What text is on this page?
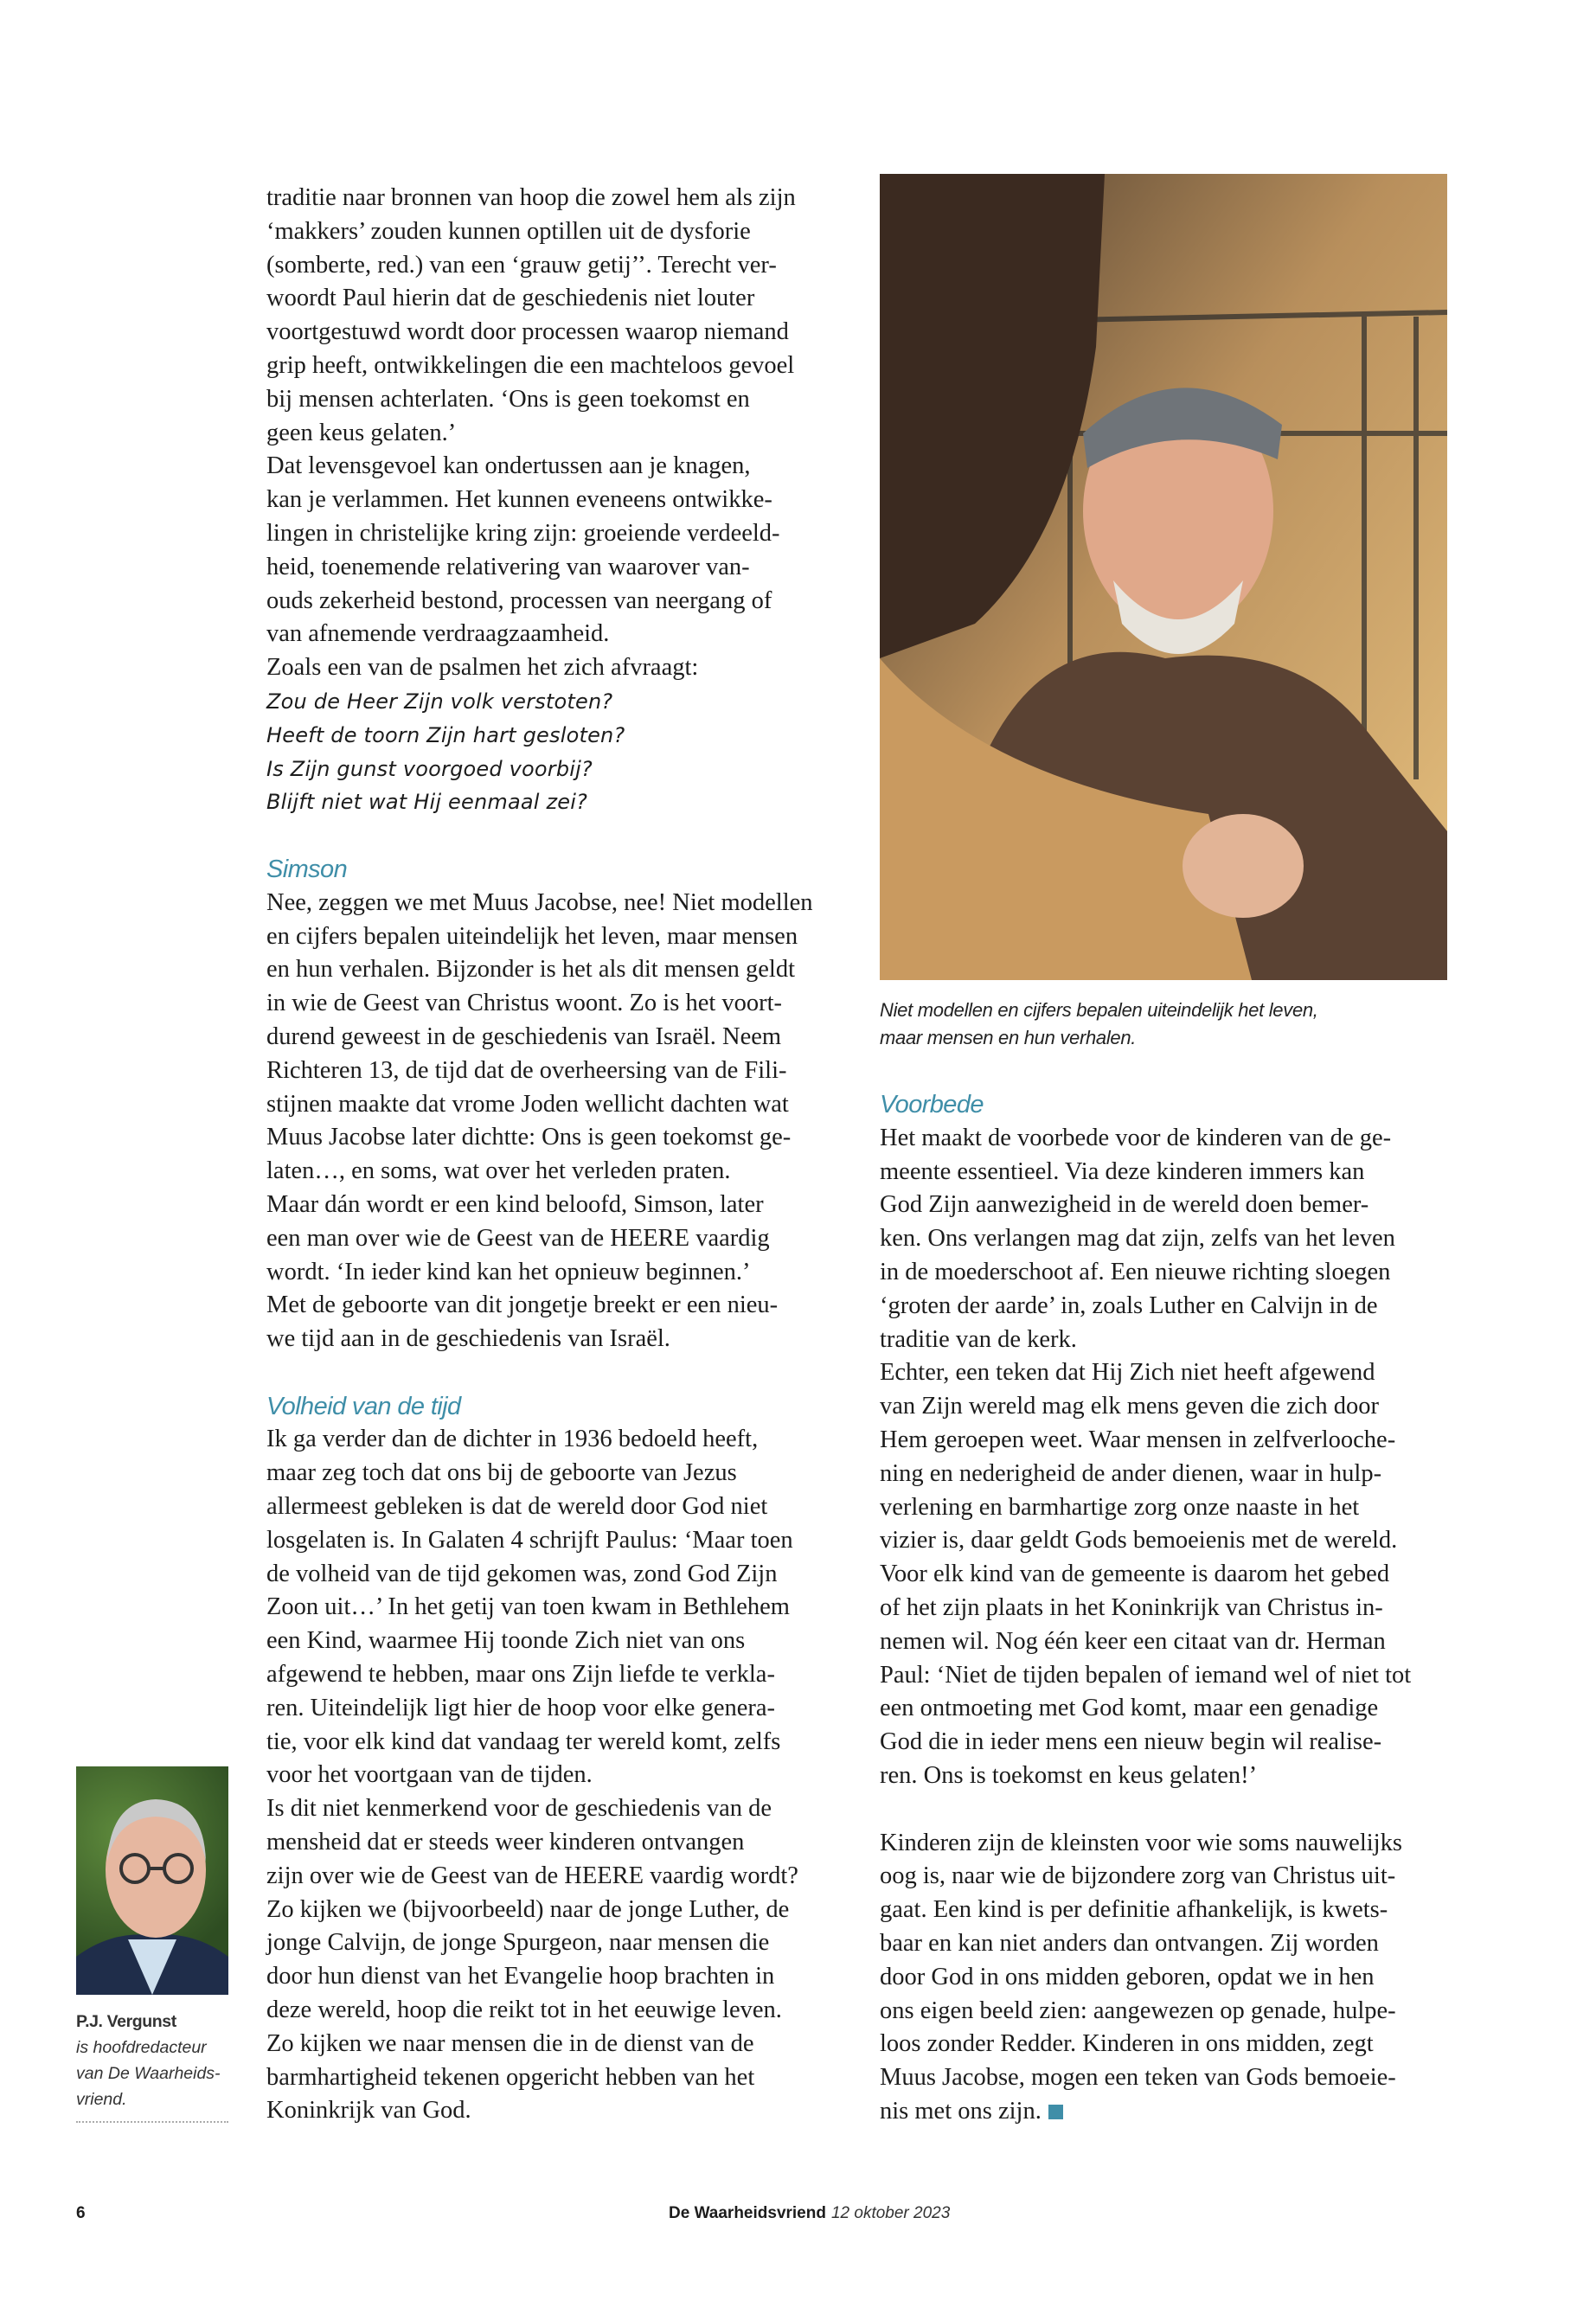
traditie naar bronnen van hoop die zowel hem als zijn
‘makkers’ zouden kunnen optillen uit de dysforie
(somberte, red.) van een ‘grauw getij’’. Terecht ver-
woordt Paul hierin dat de geschiedenis niet louter
voortgestuwd wordt door processen waarop niemand
grip heeft, ontwikkelingen die een machteloos gevoel
bij mensen achterlaten. ‘Ons is geen toekomst en
geen keus gelaten.’
Dat levensgevoel kan ondertussen aan je knagen,
kan je verlammen. Het kunnen eveneens ontwikke-
lingen in christelijke kring zijn: groeiende verdeeld-
heid, toenemende relativering van waarover van-
ouds zekerheid bestond, processen van neergang of
van afnemende verdraagzaamheid.
Zoals een van de psalmen het zich afvraagt:
Zou de Heer Zijn volk verstoten?
Heeft de toorn Zijn hart gesloten?
Is Zijn gunst voorgoed voorbij?
Blijft niet wat Hij eenmaal zei?
Simson
Nee, zeggen we met Muus Jacobse, nee! Niet modellen
en cijfers bepalen uiteindelijk het leven, maar mensen
en hun verhalen. Bijzonder is het als dit mensen geldt
in wie de Geest van Christus woont. Zo is het voort-
durend geweest in de geschiedenis van Israël. Neem
Richteren 13, de tijd dat de overheersing van de Fili-
stijnen maakte dat vrome Joden wellicht dachten wat
Muus Jacobse later dichtte: Ons is geen toekomst ge-
laten…, en soms, wat over het verleden praten.
Maar dán wordt er een kind beloofd, Simson, later
een man over wie de Geest van de HEERE vaardig
wordt. ‘In ieder kind kan het opnieuw beginnen.’
Met de geboorte van dit jongetje breekt er een nieu-
we tijd aan in de geschiedenis van Israël.
Volheid van de tijd
Ik ga verder dan de dichter in 1936 bedoeld heeft,
maar zeg toch dat ons bij de geboorte van Jezus
allermeest gebleken is dat de wereld door God niet
losgelaten is. In Galaten 4 schrijft Paulus: ‘Maar toen
de volheid van de tijd gekomen was, zond God Zijn
Zoon uit…’ In het getij van toen kwam in Bethlehem
een Kind, waarmee Hij toonde Zich niet van ons
afgewend te hebben, maar ons Zijn liefde te verkla-
ren. Uiteindelijk ligt hier de hoop voor elke genera-
tie, voor elk kind dat vandaag ter wereld komt, zelfs
voor het voortgaan van de tijden.
Is dit niet kenmerkend voor de geschiedenis van de
mensheid dat er steeds weer kinderen ontvangen
zijn over wie de Geest van de HEERE vaardig wordt?
Zo kijken we (bijvoorbeeld) naar de jonge Luther, de
jonge Calvijn, de jonge Spurgeon, naar mensen die
door hun dienst van het Evangelie hoop brachten in
deze wereld, hoop die reikt tot in het eeuwige leven.
Zo kijken we naar mensen die in de dienst van de
barmhartigheid tekenen opgericht hebben van het
Koninkrijk van God.
Niet modellen en cijfers bepalen uiteindelijk het leven,
maar mensen en hun verhalen.
Voorbede
Het maakt de voorbede voor de kinderen van de ge-
meente essentieel. Via deze kinderen immers kan
God Zijn aanwezigheid in de wereld doen bemer-
ken. Ons verlangen mag dat zijn, zelfs van het leven
in de moederschoot af. Een nieuwe richting sloegen
‘groten der aarde’ in, zoals Luther en Calvijn in de
traditie van de kerk.
Echter, een teken dat Hij Zich niet heeft afgewend
van Zijn wereld mag elk mens geven die zich door
Hem geroepen weet. Waar mensen in zelfverlooche-
ning en nederigheid de ander dienen, waar in hulp-
verlening en barmhartige zorg onze naaste in het
vizier is, daar geldt Gods bemoeienis met de wereld.
Voor elk kind van de gemeente is daarom het gebed
of het zijn plaats in het Koninkrijk van Christus in-
nemen wil. Nog één keer een citaat van dr. Herman
Paul: ‘Niet de tijden bepalen of iemand wel of niet tot
een ontmoeting met God komt, maar een genadige
God die in ieder mens een nieuw begin wil realise-
ren. Ons is toekomst en keus gelaten!’
Kinderen zijn de kleinsten voor wie soms nauwelijks
oog is, naar wie de bijzondere zorg van Christus uit-
gaat. Een kind is per definitie afhankelijk, is kwets-
baar en kan niet anders dan ontvangen. Zij worden
door God in ons midden geboren, opdat we in hen
ons eigen beeld zien: aangewezen op genade, hulpe-
loos zonder Redder. Kinderen in ons midden, zegt
Muus Jacobse, mogen een teken van Gods bemoeie-
nis met ons zijn.
P.J. Vergunst
is hoofdredacteur
van De Waarheids-
vriend.
6	De Waarheidsvriend 12 oktober 2023
